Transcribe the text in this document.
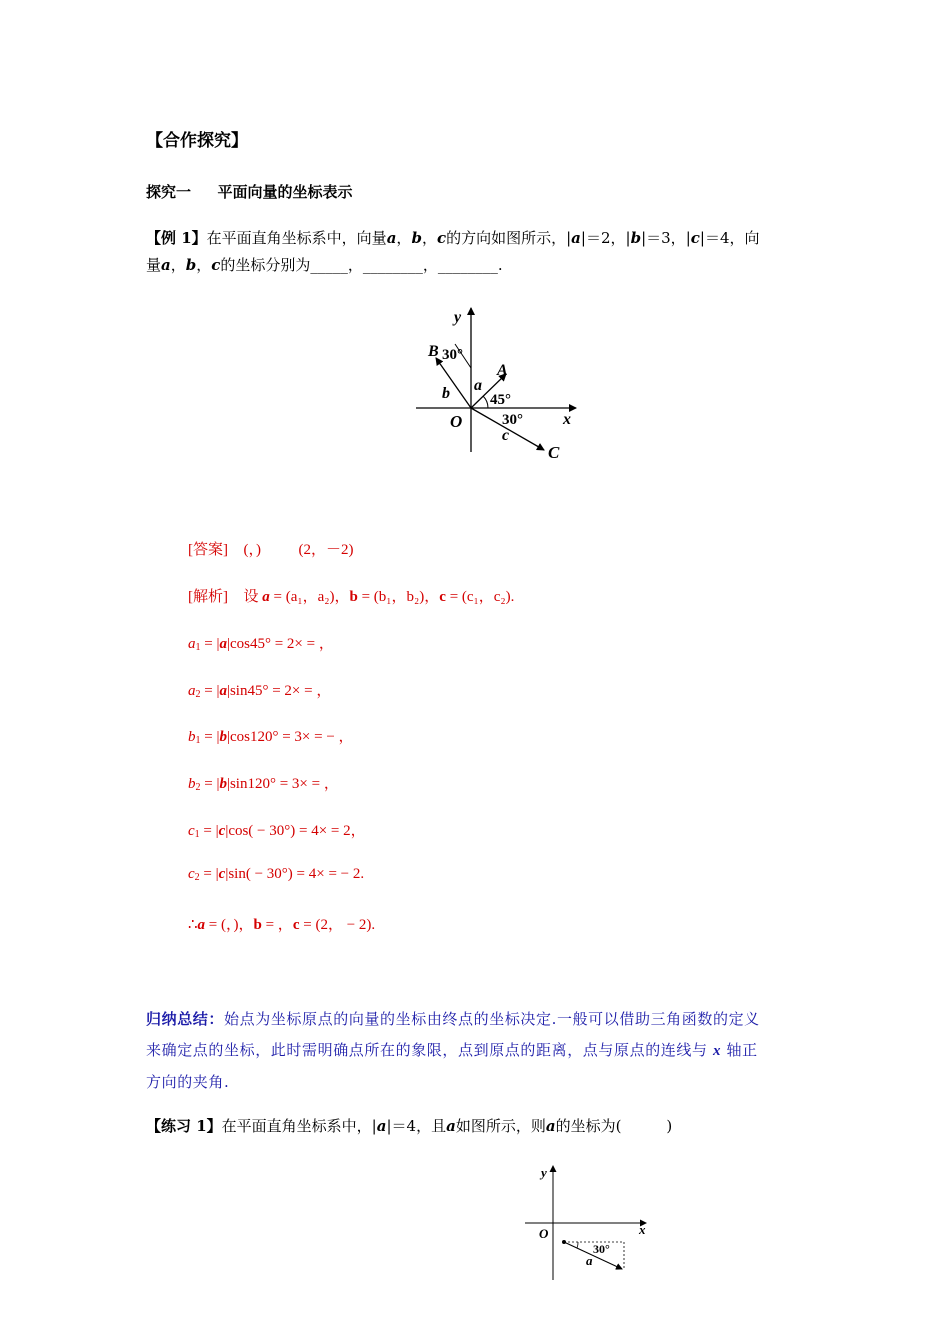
【合作探究】
探究一 平面向量的坐标表示
【例 1】在平面直角坐标系中，向量a，b，c的方向如图所示，|a|＝2，|b|＝3，|c|＝4，向
量a，b，c的坐标分别为_____，________，________.
y
x
O
A
B
C
a
b
c
30°
45°
30°
[答案] (，)	(2，－2)
[解析] 设 a = (a₁，a₂)，b = (b₁，b₂)，c = (c₁，c₂).
$a_1 = |a|\cos 45^\circ = 2\times$ = ，
$a_2 = |a|\sin 45^\circ = 2\times$ = ，
$b_1 = |b|\cos 120^\circ = 3\times$ = − ，
$b_2 = |b|\sin 120^\circ = 3\times$ = ，
$c_1 = |c|\cos( - 30^\circ) = 4\times = 2$，
$c_2 = |c|\sin( - 30^\circ) = 4\times$ = − 2.
∴a = (，)，b = ，c = (2， − 2).
归纳总结：始点为坐标原点的向量的坐标由终点的坐标决定.一般可以借助三角函数的定义
来确定点的坐标，此时需明确点所在的象限，点到原点的距离，点与原点的连线与 x 轴正
方向的夹角.
【练习 1】在平面直角坐标系中，|a|＝4，且a如图所示，则a的坐标为(　　　)
y
x
O
30°
a
